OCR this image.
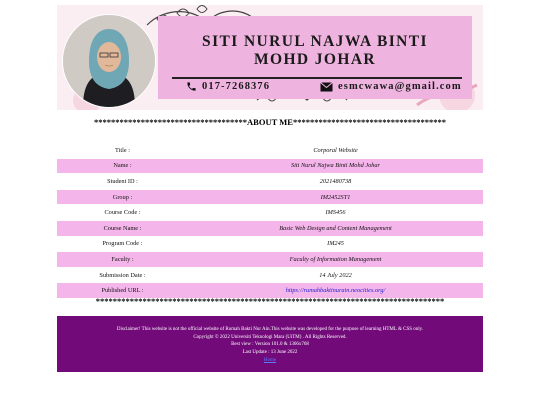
SITI NURUL NAJWA BINTI
MOHD JOHAR
017-7268376	esmcwawa@gmail.com
************************************ABOUT ME************************************
Title :	Corporal Website
Name :	Siti Nurul Najwa Binti Mohd Johar
Student ID :	2021480738
Group :	IM2452ST1
Course Code :	IMS456
Course Name :	Basic Web Design and Content Management
Program Code :	IM245
Faculty :	Faculty of Information Management
Submission Date :	14 July 2022
Published URL :	https://rumahbaktinurain.neocities.org/
**********************************************************************************
Disclaimer! This website is not the official website of Rumah Bakti Nur Ain.This website was developed for the purpose of learning HTML & CSS only.
Copyright © 2022 Universiti Teknologi Mara (UiTM) . All Rights Reserved.
Best view : Version 101.0 & 1366x768
Last Update : 13 June 2022
Home
